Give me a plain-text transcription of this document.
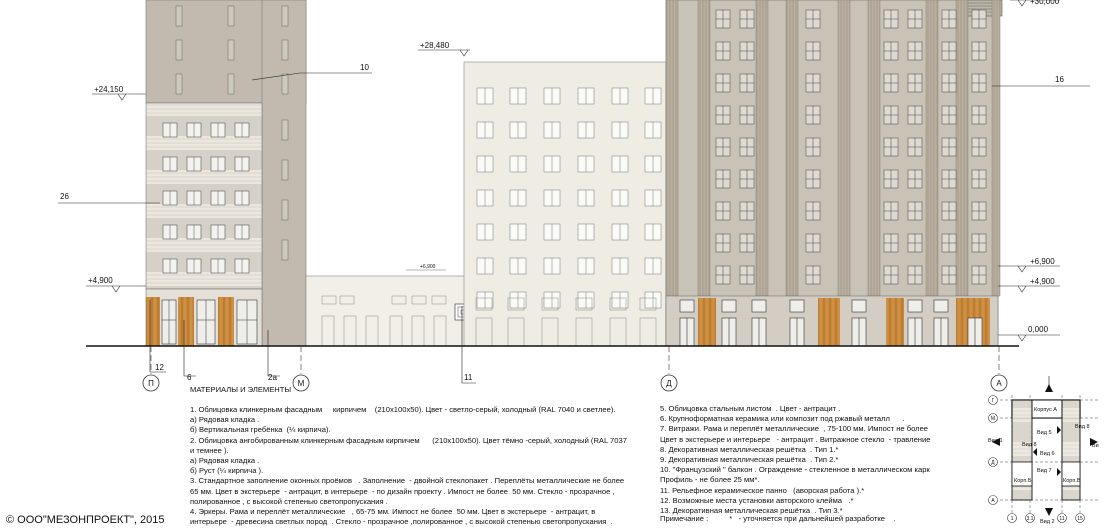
П	М	Д	А
+24,150
+4,900
+28,480
+6,900
+30,000
+6,900
+4,900
0,000
10
16
26
11
12
6	2а
Г
М
Д
А
1	3.1	11	15
Корпус А
Вид 5
Вид 8
Вид 6
Вид 7
Вид 8
Вид 1
Вид 2
Корп.Б	Корп.В
Ви
МАТЕРИАЛЫ И ЭЛЕМЕНТЫ
1. Облицовка клинкерным фасадным     кирпичем    (210х100х50). Цвет - светло-серый, холодный (RAL 7040 и светлее).
а) Рядовая кладка .
б) Вертикальная гребёнка  (¼ кирпича).
2. Облицовка ангобированным клинкерным фасадным кирпичем      (210х100х50). Цвет тёмно -серый, холодный (RAL 7037
и темнее ).
а) Рядовая кладка .
б) Руст (¼ кирпича ).
3. Стандартное заполнение оконных проёмов   . Заполнение  - двойной стеклопакет . Переплёты металлические не более
65 мм. Цвет в экстерьере  - антрацит, в интерьере  - по дизайн проекту . Импост не более  50 мм. Стекло - прозрачное ,
полированное , с высокой степенью светопропускания .
4. Эркеры. Рама и переплёт металлические   , 65-75 мм. Импост не более  50 мм. Цвет в экстерьере  - антрацит, в
интерьере  - древесина светлых пород  . Стекло - прозрачное ,полированное , с высокой степенью светопропускания  .
5. Облицовка стальным листом  . Цвет - антрацит .
6. Крупноформатная керамика или композит под ржавый металл      .
7. Витражи. Рама и переплёт металлические  , 75-100 мм. Импост не более
Цвет в экстерьере и интерьере   - антрацит . Витражное стекло  - травление
8. Декоративная металлическая решётка  . Тип 1.*
9. Декоративная металлическая решётка  . Тип 2.*
10. "Французский " балкон . Ограждение - стекленное в металлическом карк
Профиль - не более 25 мм*.
11. Рельефное керамическое панно   (аворская работа ).*
12. Возможные места установки авторского клейма   .*
13. Декоративная металлическая решётка  . Тип 3.*
Примечание :	* - уточняется при дальнейшей разработке    .
© ООО"МЕЗОНПРОЕКТ", 2015
